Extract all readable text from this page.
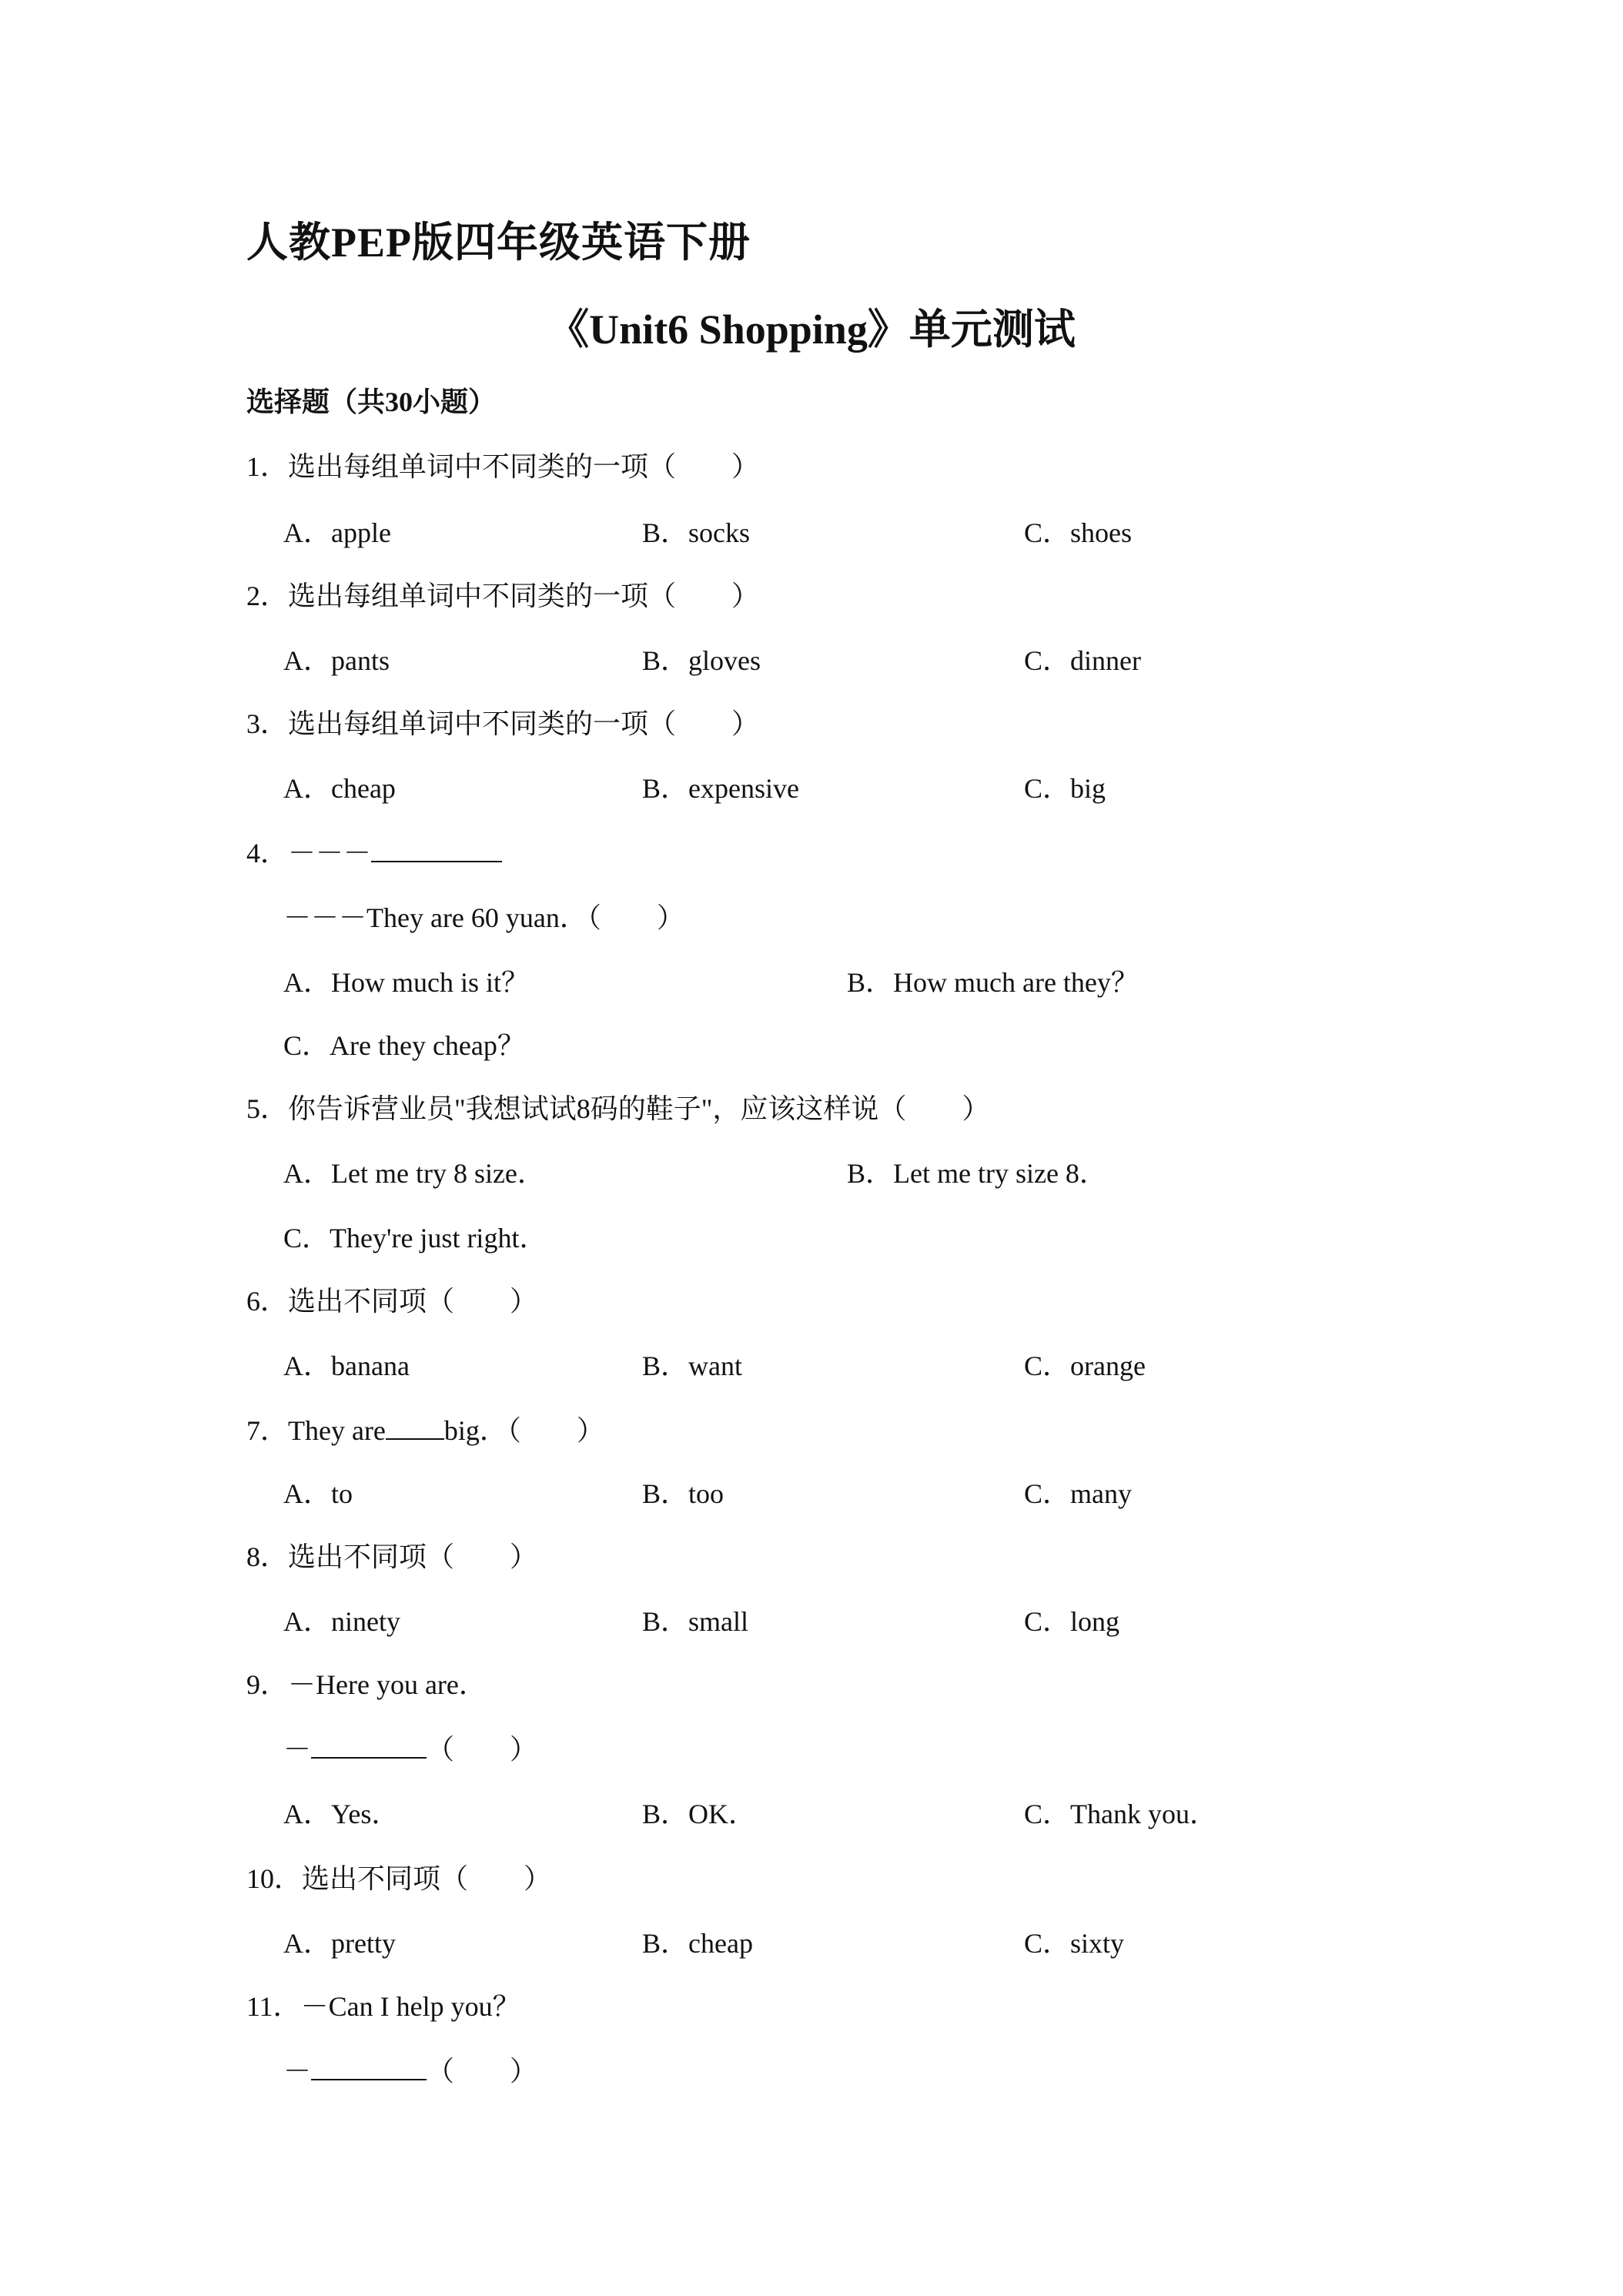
人教PEP版四年级英语下册
《Unit6 Shopping》单元测试
选择题（共30小题）
1．选出每组单词中不同类的一项（　　）
A．apple	B．socks	C．shoes
2．选出每组单词中不同类的一项（　　）
A．pants	B．gloves	C．dinner
3．选出每组单词中不同类的一项（　　）
A．cheap	B．expensive	C．big
4．－－－
－－－They are 60 yuan．（　　）
A．How much is it？	B．How much are they？
C．Are they cheap？
5．你告诉营业员"我想试试8码的鞋子"，应该这样说（　　）
A．Let me try 8 size．	B．Let me try size 8．
C．They're just right．
6．选出不同项（　　）
A．banana	B．want	C．orange
7．They are big．（　　）
A．to	B．too	C．many
8．选出不同项（　　）
A．ninety	B．small	C．long
9．－Here you are．
－	（　　）
A．Yes．	B．OK．	C．Thank you．
10．选出不同项（　　）
A．pretty	B．cheap	C．sixty
11．－Can I help you？
－	（　　）
